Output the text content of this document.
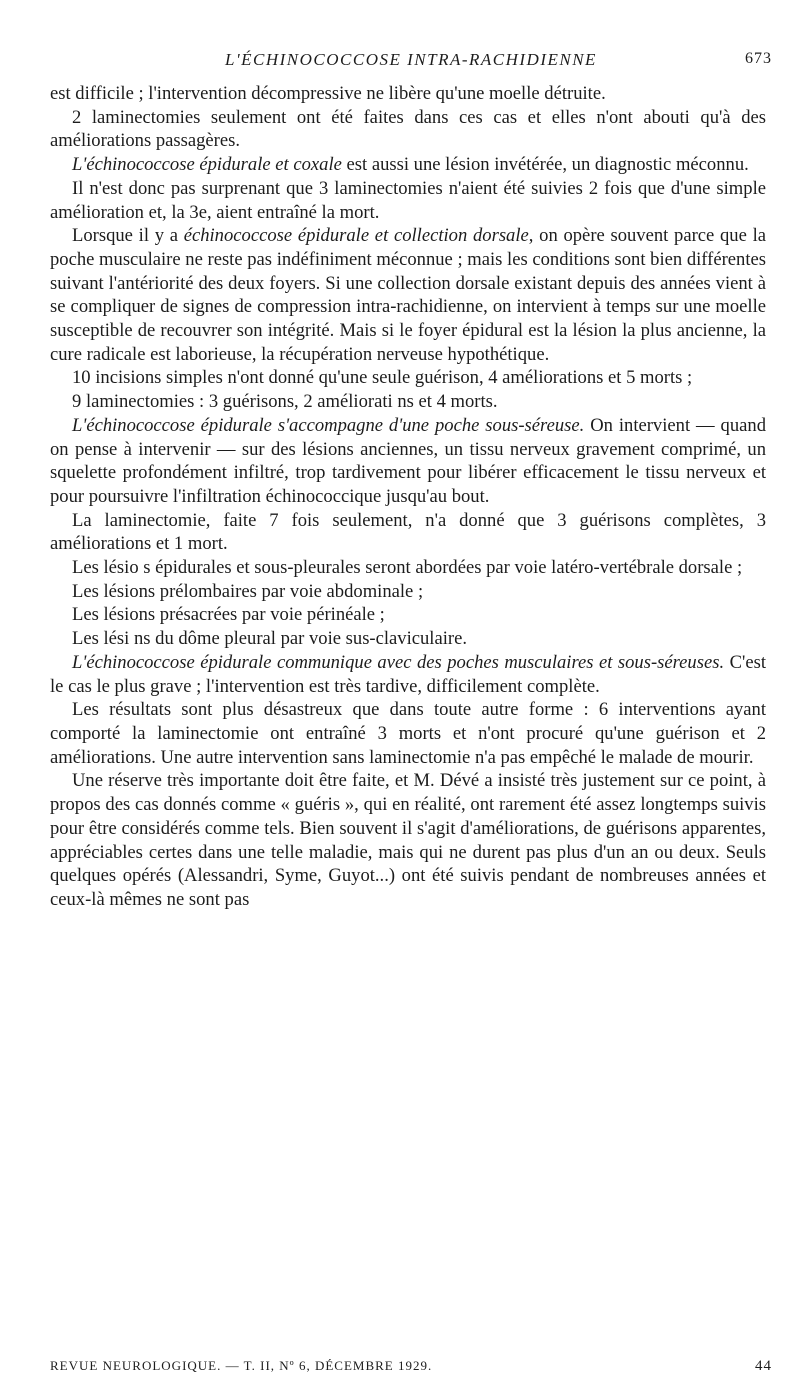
L'ÉCHINOCOCCOSE INTRA-RACHIDIENNE	673

est difficile ; l'intervention décompressive ne libère qu'une moelle détruite.

2 laminectomies seulement ont été faites dans ces cas et elles n'ont abouti qu'à des améliorations passagères.

L'échinococcose épidurale et coxale est aussi une lésion invétérée, un diagnostic méconnu.

Il n'est donc pas surprenant que 3 laminectomies n'aient été suivies 2 fois que d'une simple amélioration et, la 3e, aient entraîné la mort.

Lorsque il y a échinococcose épidurale et collection dorsale, on opère souvent parce que la poche musculaire ne reste pas indéfiniment méconnue ; mais les conditions sont bien différentes suivant l'antériorité des deux foyers. Si une collection dorsale existant depuis des années vient à se compliquer de signes de compression intra-rachidienne, on intervient à temps sur une moelle susceptible de recouvrer son intégrité. Mais si le foyer épidural est la lésion la plus ancienne, la cure radicale est laborieuse, la récupération nerveuse hypothétique.

10 incisions simples n'ont donné qu'une seule guérison, 4 améliorations et 5 morts ;

9 laminectomies : 3 guérisons, 2 améliorati ns et 4 morts.

L'échinococcose épidurale s'accompagne d'une poche sous-séreuse. On intervient — quand on pense à intervenir — sur des lésions anciennes, un tissu nerveux gravement comprimé, un squelette profondément infiltré, trop tardivement pour libérer efficacement le tissu nerveux et pour poursuivre l'infiltration échinococcique jusqu'au bout.

La laminectomie, faite 7 fois seulement, n'a donné que 3 guérisons complètes, 3 améliorations et 1 mort.

Les lésio s épidurales et sous-pleurales seront abordées par voie latéro-vertébrale dorsale ;

Les lésions prélombaires par voie abdominale ;

Les lésions présacrées par voie périnéale ;

Les lési ns du dôme pleural par voie sus-claviculaire.

L'échinococcose épidurale communique avec des poches musculaires et sous-séreuses. C'est le cas le plus grave ; l'intervention est très tardive, difficilement complète.

Les résultats sont plus désastreux que dans toute autre forme : 6 interventions ayant comporté la laminectomie ont entraîné 3 morts et n'ont procuré qu'une guérison et 2 améliorations. Une autre intervention sans laminectomie n'a pas empêché le malade de mourir.

Une réserve très importante doit être faite, et M. Dévé a insisté très justement sur ce point, à propos des cas donnés comme « guéris », qui en réalité, ont rarement été assez longtemps suivis pour être considérés comme tels. Bien souvent il s'agit d'améliorations, de guérisons apparentes, appréciables certes dans une telle maladie, mais qui ne durent pas plus d'un an ou deux. Seuls quelques opérés (Alessandri, Syme, Guyot...) ont été suivis pendant de nombreuses années et ceux-là mêmes ne sont pas

REVUE NEUROLOGIQUE. — T. II, Nº 6, DÉCEMBRE 1929.	44
